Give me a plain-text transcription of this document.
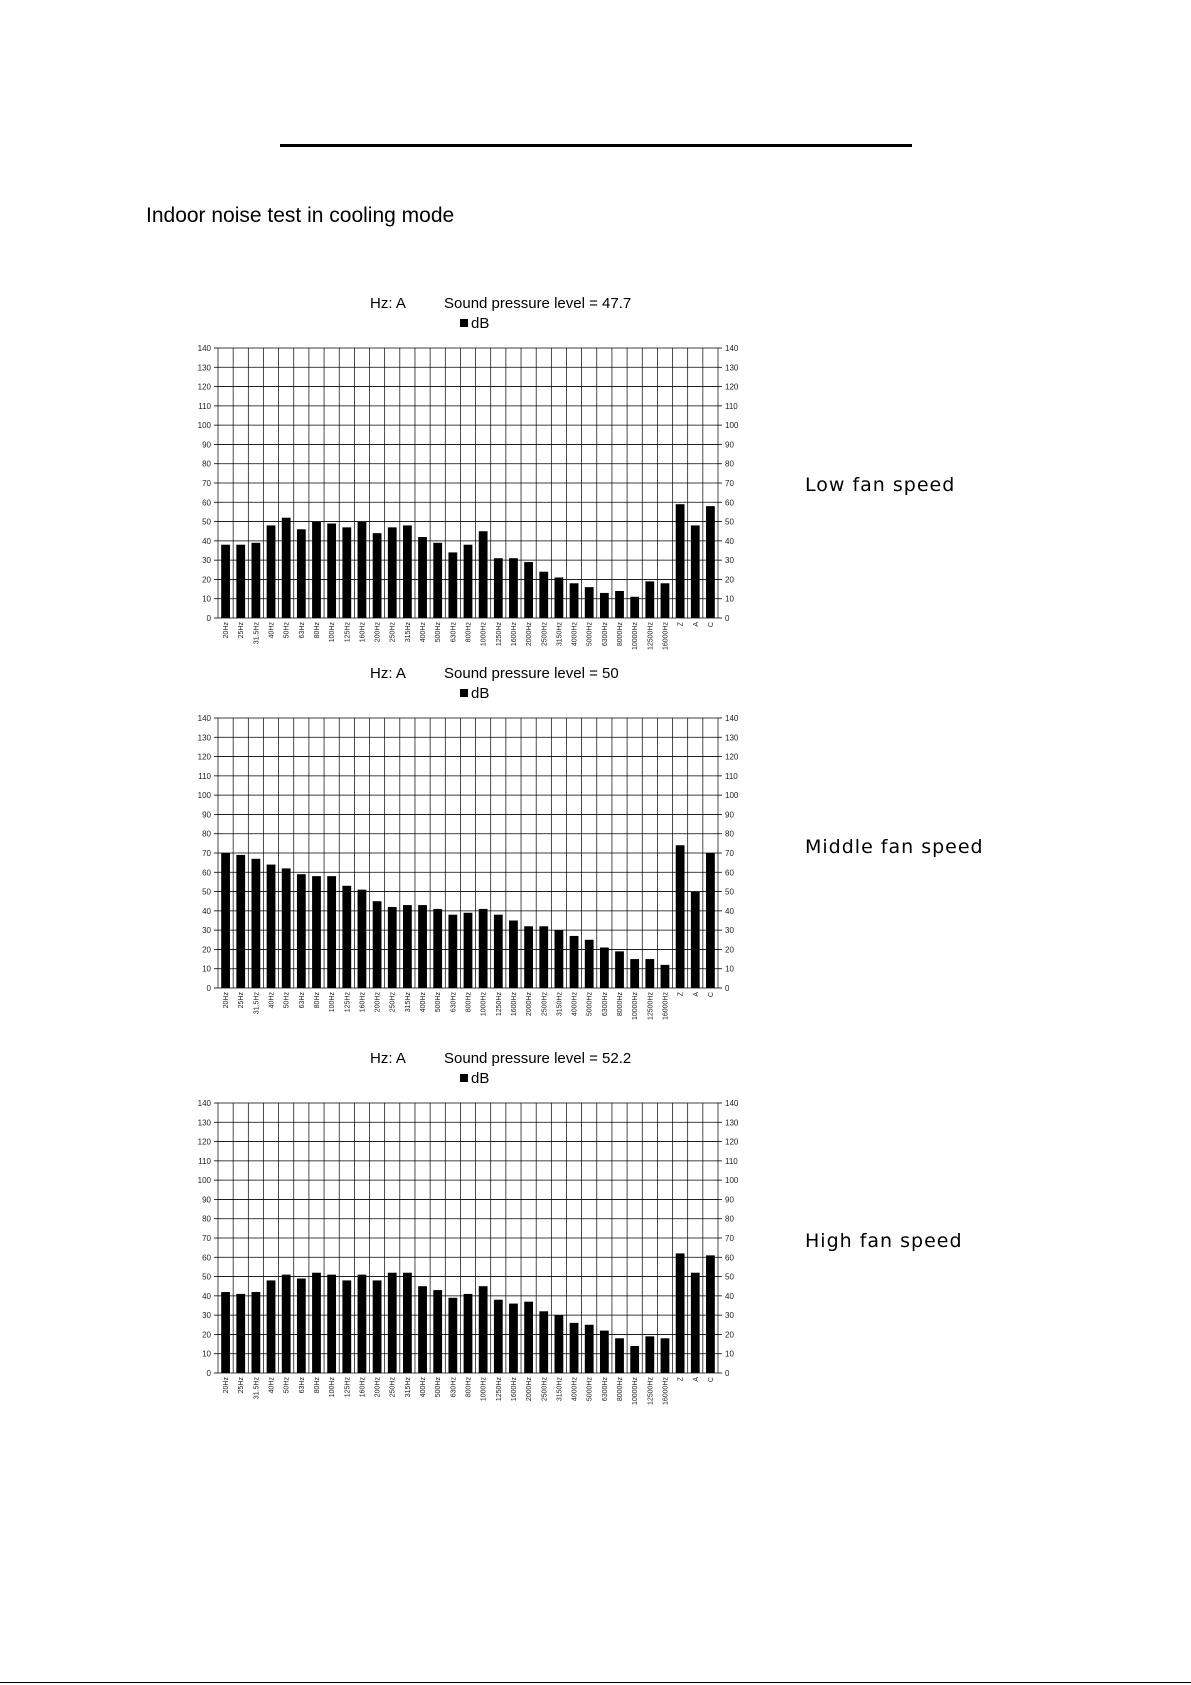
Indoor noise test in cooling mode
Hz: A	Sound pressure level = 47.7
dB
0	0
10	10
20	20
30	30
40	40
50	50
60	60
70	70
80	80
90	90
100	100
110	110
120	120
130	130
140	140
20Hz 25Hz 31.5Hz 40Hz 50Hz 63Hz 80Hz 100Hz 125Hz 160Hz 200Hz 250Hz 315Hz 400Hz 500Hz 630Hz 800Hz 1000Hz 1250Hz 1600Hz 2000Hz 2500Hz 3150Hz 4000Hz 5000Hz 6300Hz 8000Hz 10000Hz 12500Hz 16000Hz Z A C
Low fan speed
Hz: A	Sound pressure level = 50
dB
0	0
10	10
20	20
30	30
40	40
50	50
60	60
70	70
80	80
90	90
100	100
110	110
120	120
130	130
140	140
20Hz 25Hz 31.5Hz 40Hz 50Hz 63Hz 80Hz 100Hz 125Hz 160Hz 200Hz 250Hz 315Hz 400Hz 500Hz 630Hz 800Hz 1000Hz 1250Hz 1600Hz 2000Hz 2500Hz 3150Hz 4000Hz 5000Hz 6300Hz 8000Hz 10000Hz 12500Hz 16000Hz Z A C
Middle fan speed
Hz: A	Sound pressure level = 52.2
dB
0	0
10	10
20	20
30	30
40	40
50	50
60	60
70	70
80	80
90	90
100	100
110	110
120	120
130	130
140	140
20Hz 25Hz 31.5Hz 40Hz 50Hz 63Hz 80Hz 100Hz 125Hz 160Hz 200Hz 250Hz 315Hz 400Hz 500Hz 630Hz 800Hz 1000Hz 1250Hz 1600Hz 2000Hz 2500Hz 3150Hz 4000Hz 5000Hz 6300Hz 8000Hz 10000Hz 12500Hz 16000Hz Z A C
High fan speed
